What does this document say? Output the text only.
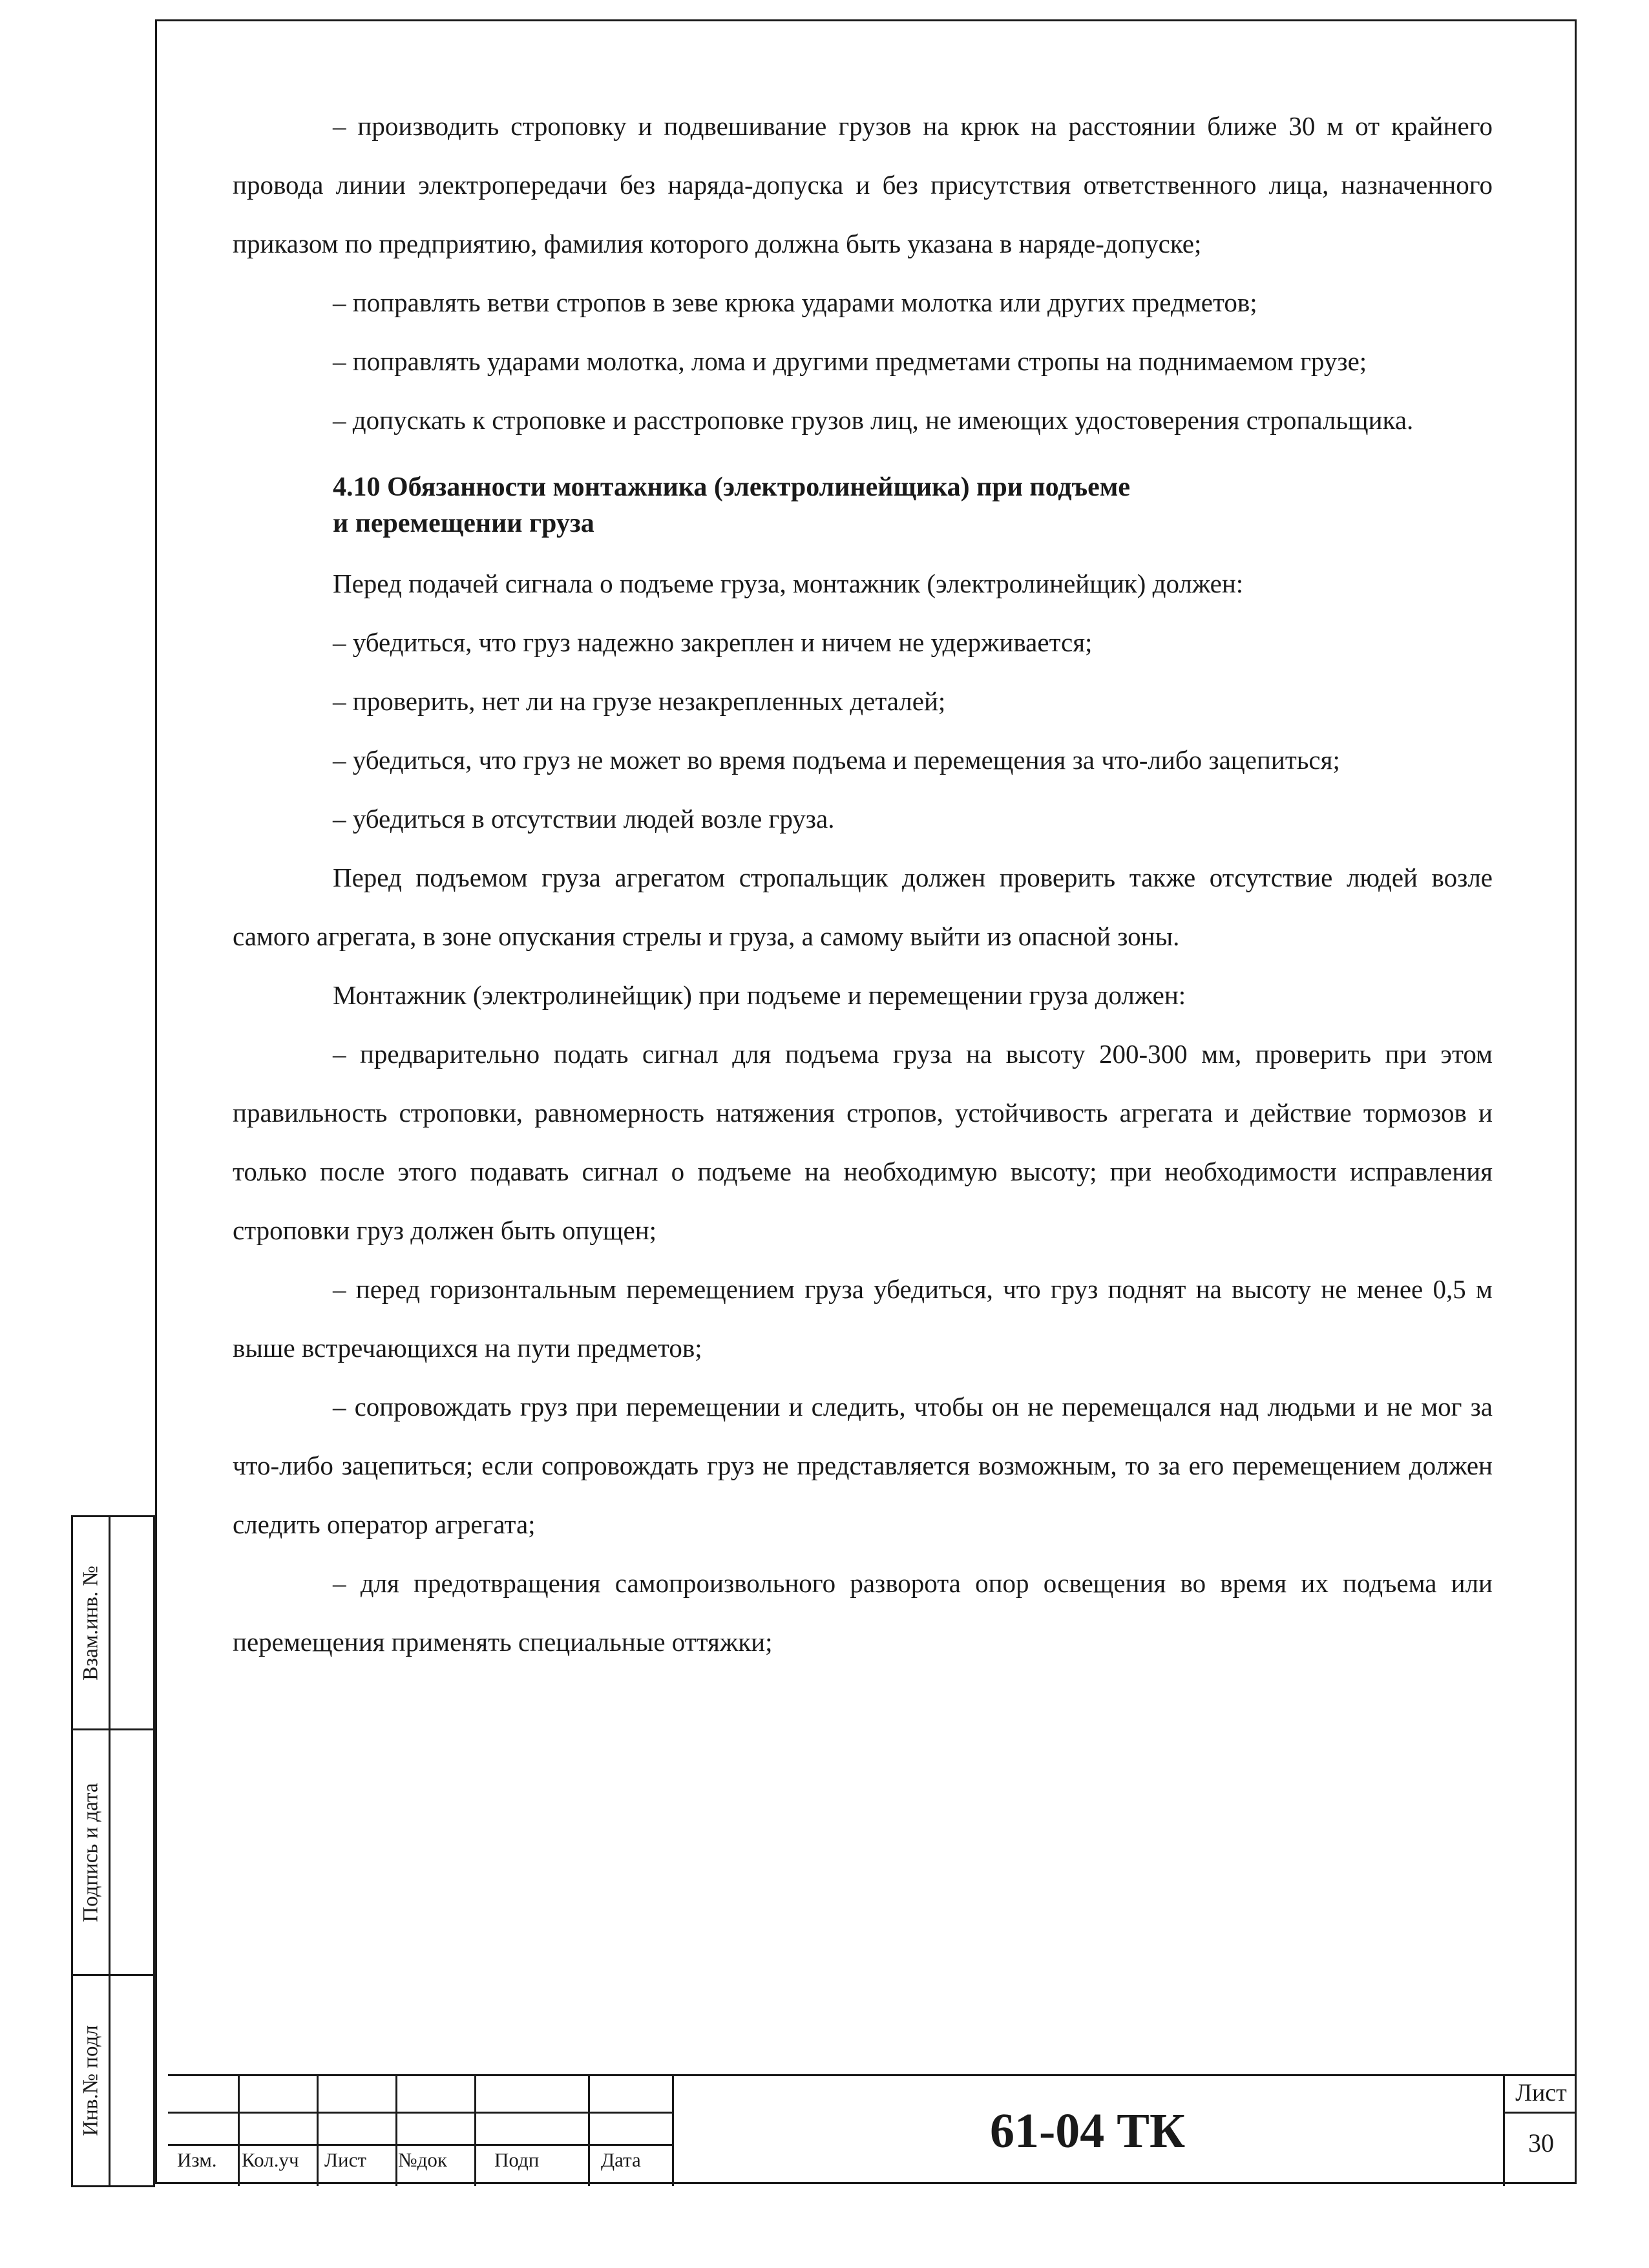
– производить строповку и подвешивание грузов на крюк на расстоянии ближе 30 м от крайнего провода линии электропередачи без наряда-допуска и без присутствия ответственного лица, назначенного приказом по предприятию, фамилия которого должна быть указана в наряде-допуске;

– поправлять ветви стропов в зеве крюка ударами молотка или других предметов;

– поправлять ударами молотка, лома и другими предметами стропы на поднимаемом грузе;

– допускать к строповке и расстроповке грузов лиц, не имеющих удостоверения стропальщика.

4.10 Обязанности монтажника (электролинейщика) при подъеме
и перемещении груза

Перед подачей сигнала о подъеме груза, монтажник (электролинейщик) должен:

– убедиться, что груз надежно закреплен и ничем не удерживается;

– проверить, нет ли на грузе незакрепленных деталей;

– убедиться, что груз не может во время подъема и перемещения за что-либо зацепиться;

– убедиться в отсутствии людей возле груза.

Перед подъемом груза агрегатом стропальщик должен проверить также отсутствие людей возле самого агрегата, в зоне опускания стрелы и груза, а самому выйти из опасной зоны.

Монтажник (электролинейщик) при подъеме и перемещении груза должен:

– предварительно подать сигнал для подъема груза на высоту 200-300 мм, проверить при этом правильность строповки, равномерность натяжения стропов, устойчивость агрегата и действие тормозов и только после этого подавать сигнал о подъеме на необходимую высоту; при необходимости исправления строповки груз должен быть опущен;

– перед горизонтальным перемещением груза убедиться, что груз поднят на высоту не менее 0,5 м выше встречающихся на пути предметов;

– сопровождать груз при перемещении и следить, чтобы он не перемещался над людьми и не мог за что-либо зацепиться; если сопровождать груз не представляется возможным, то за его перемещением должен следить оператор агрегата;

– для предотвращения самопроизвольного разворота опор освещения во время их подъема или перемещения применять специальные оттяжки;

Взам.инв. №
Подпись и дата
Инв.№ подл
Изм. Кол.уч Лист №док Подп	Дата
61-04 ТК
Лист
30
